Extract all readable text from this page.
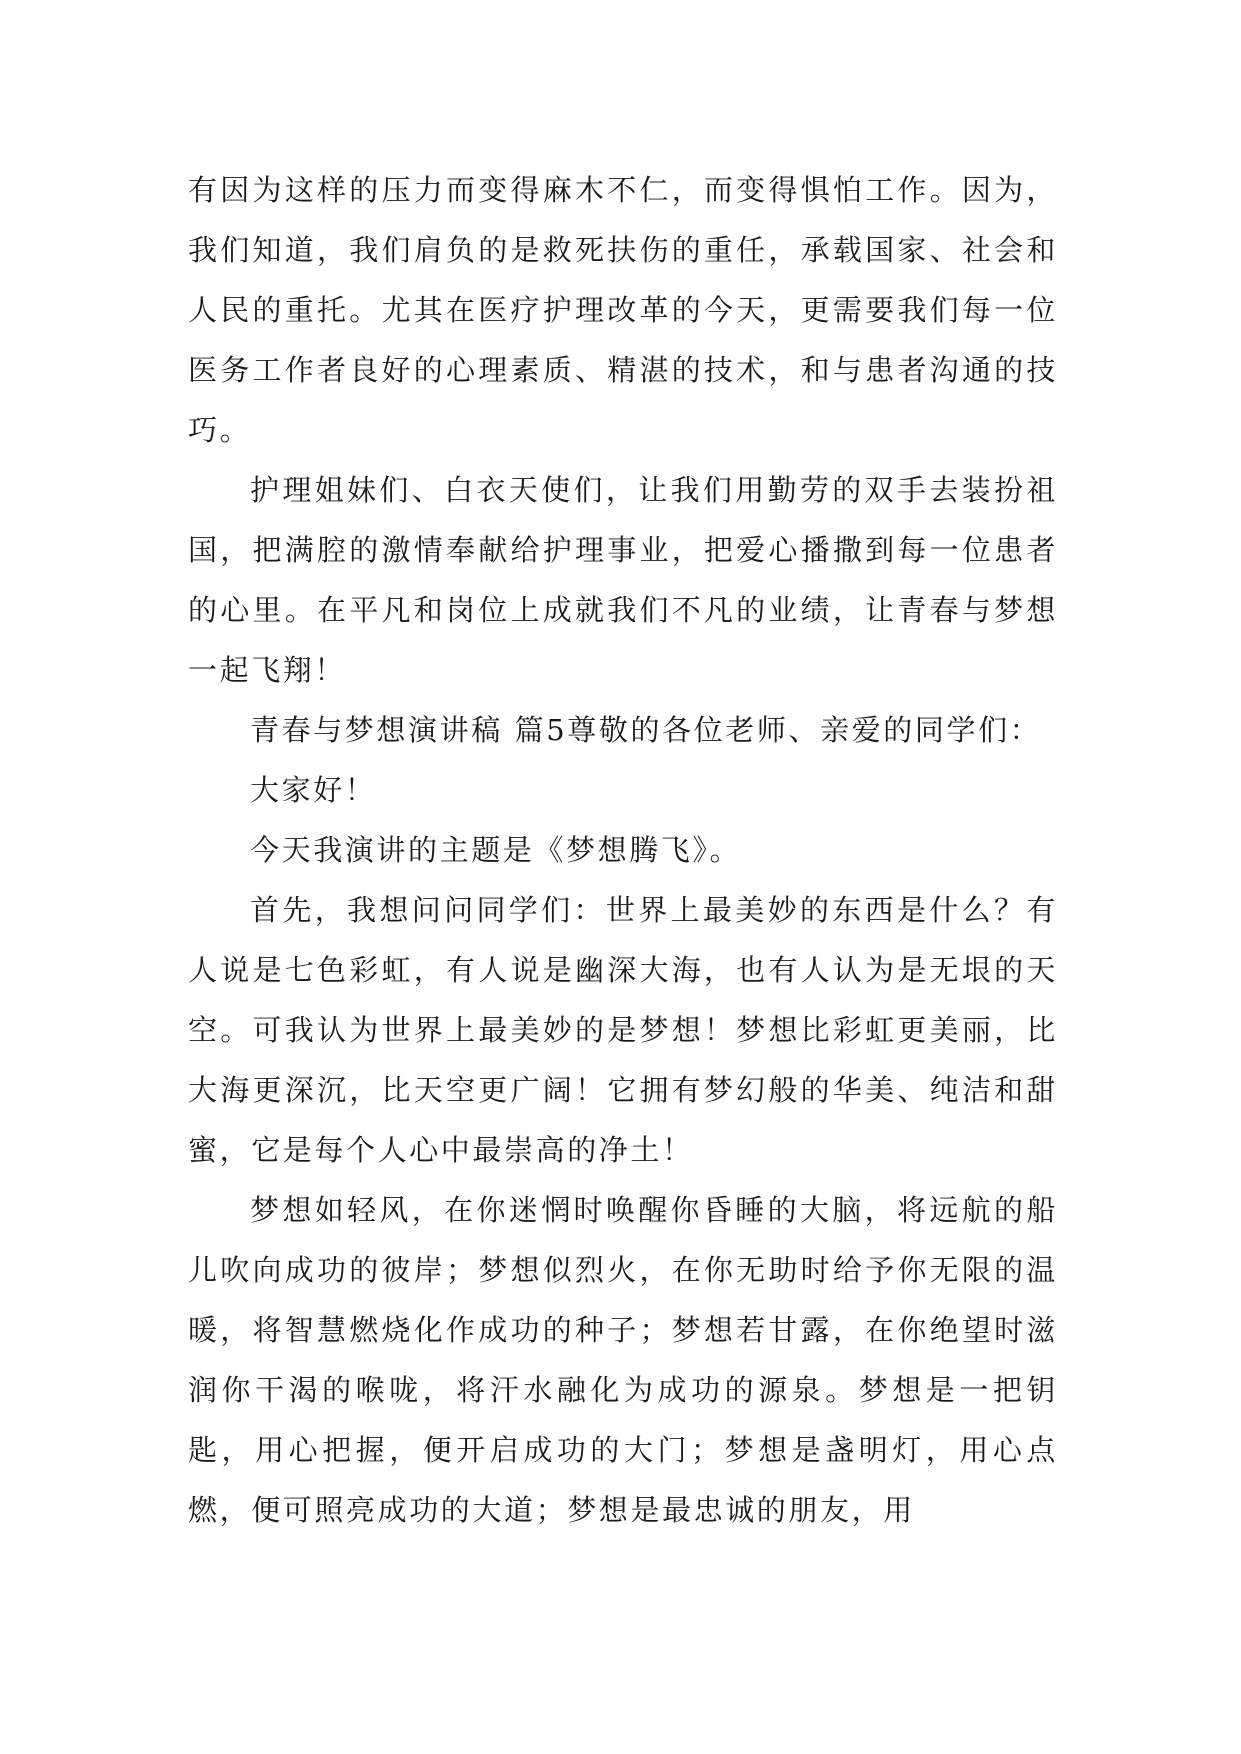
有因为这样的压力而变得麻木不仁，而变得惧怕工作。因为，我们知道，我们肩负的是救死扶伤的重任，承载国家、社会和人民的重托。尤其在医疗护理改革的今天，更需要我们每一位医务工作者良好的心理素质、精湛的技术，和与患者沟通的技巧。

护理姐妹们、白衣天使们，让我们用勤劳的双手去装扮祖国，把满腔的激情奉献给护理事业，把爱心播撒到每一位患者的心里。在平凡和岗位上成就我们不凡的业绩，让青春与梦想一起飞翔！

青春与梦想演讲稿 篇5尊敬的各位老师、亲爱的同学们：

大家好！

今天我演讲的主题是《梦想腾飞》。

首先，我想问问同学们：世界上最美妙的东西是什么？有人说是七色彩虹，有人说是幽深大海，也有人认为是无垠的天空。可我认为世界上最美妙的是梦想！梦想比彩虹更美丽，比大海更深沉，比天空更广阔！它拥有梦幻般的华美、纯洁和甜蜜，它是每个人心中最崇高的净土！

梦想如轻风，在你迷惘时唤醒你昏睡的大脑，将远航的船儿吹向成功的彼岸；梦想似烈火，在你无助时给予你无限的温暖，将智慧燃烧化作成功的种子；梦想若甘露，在你绝望时滋润你干渴的喉咙，将汗水融化为成功的源泉。梦想是一把钥匙，用心把握，便开启成功的大门；梦想是盏明灯，用心点燃，便可照亮成功的大道；梦想是最忠诚的朋友，用
